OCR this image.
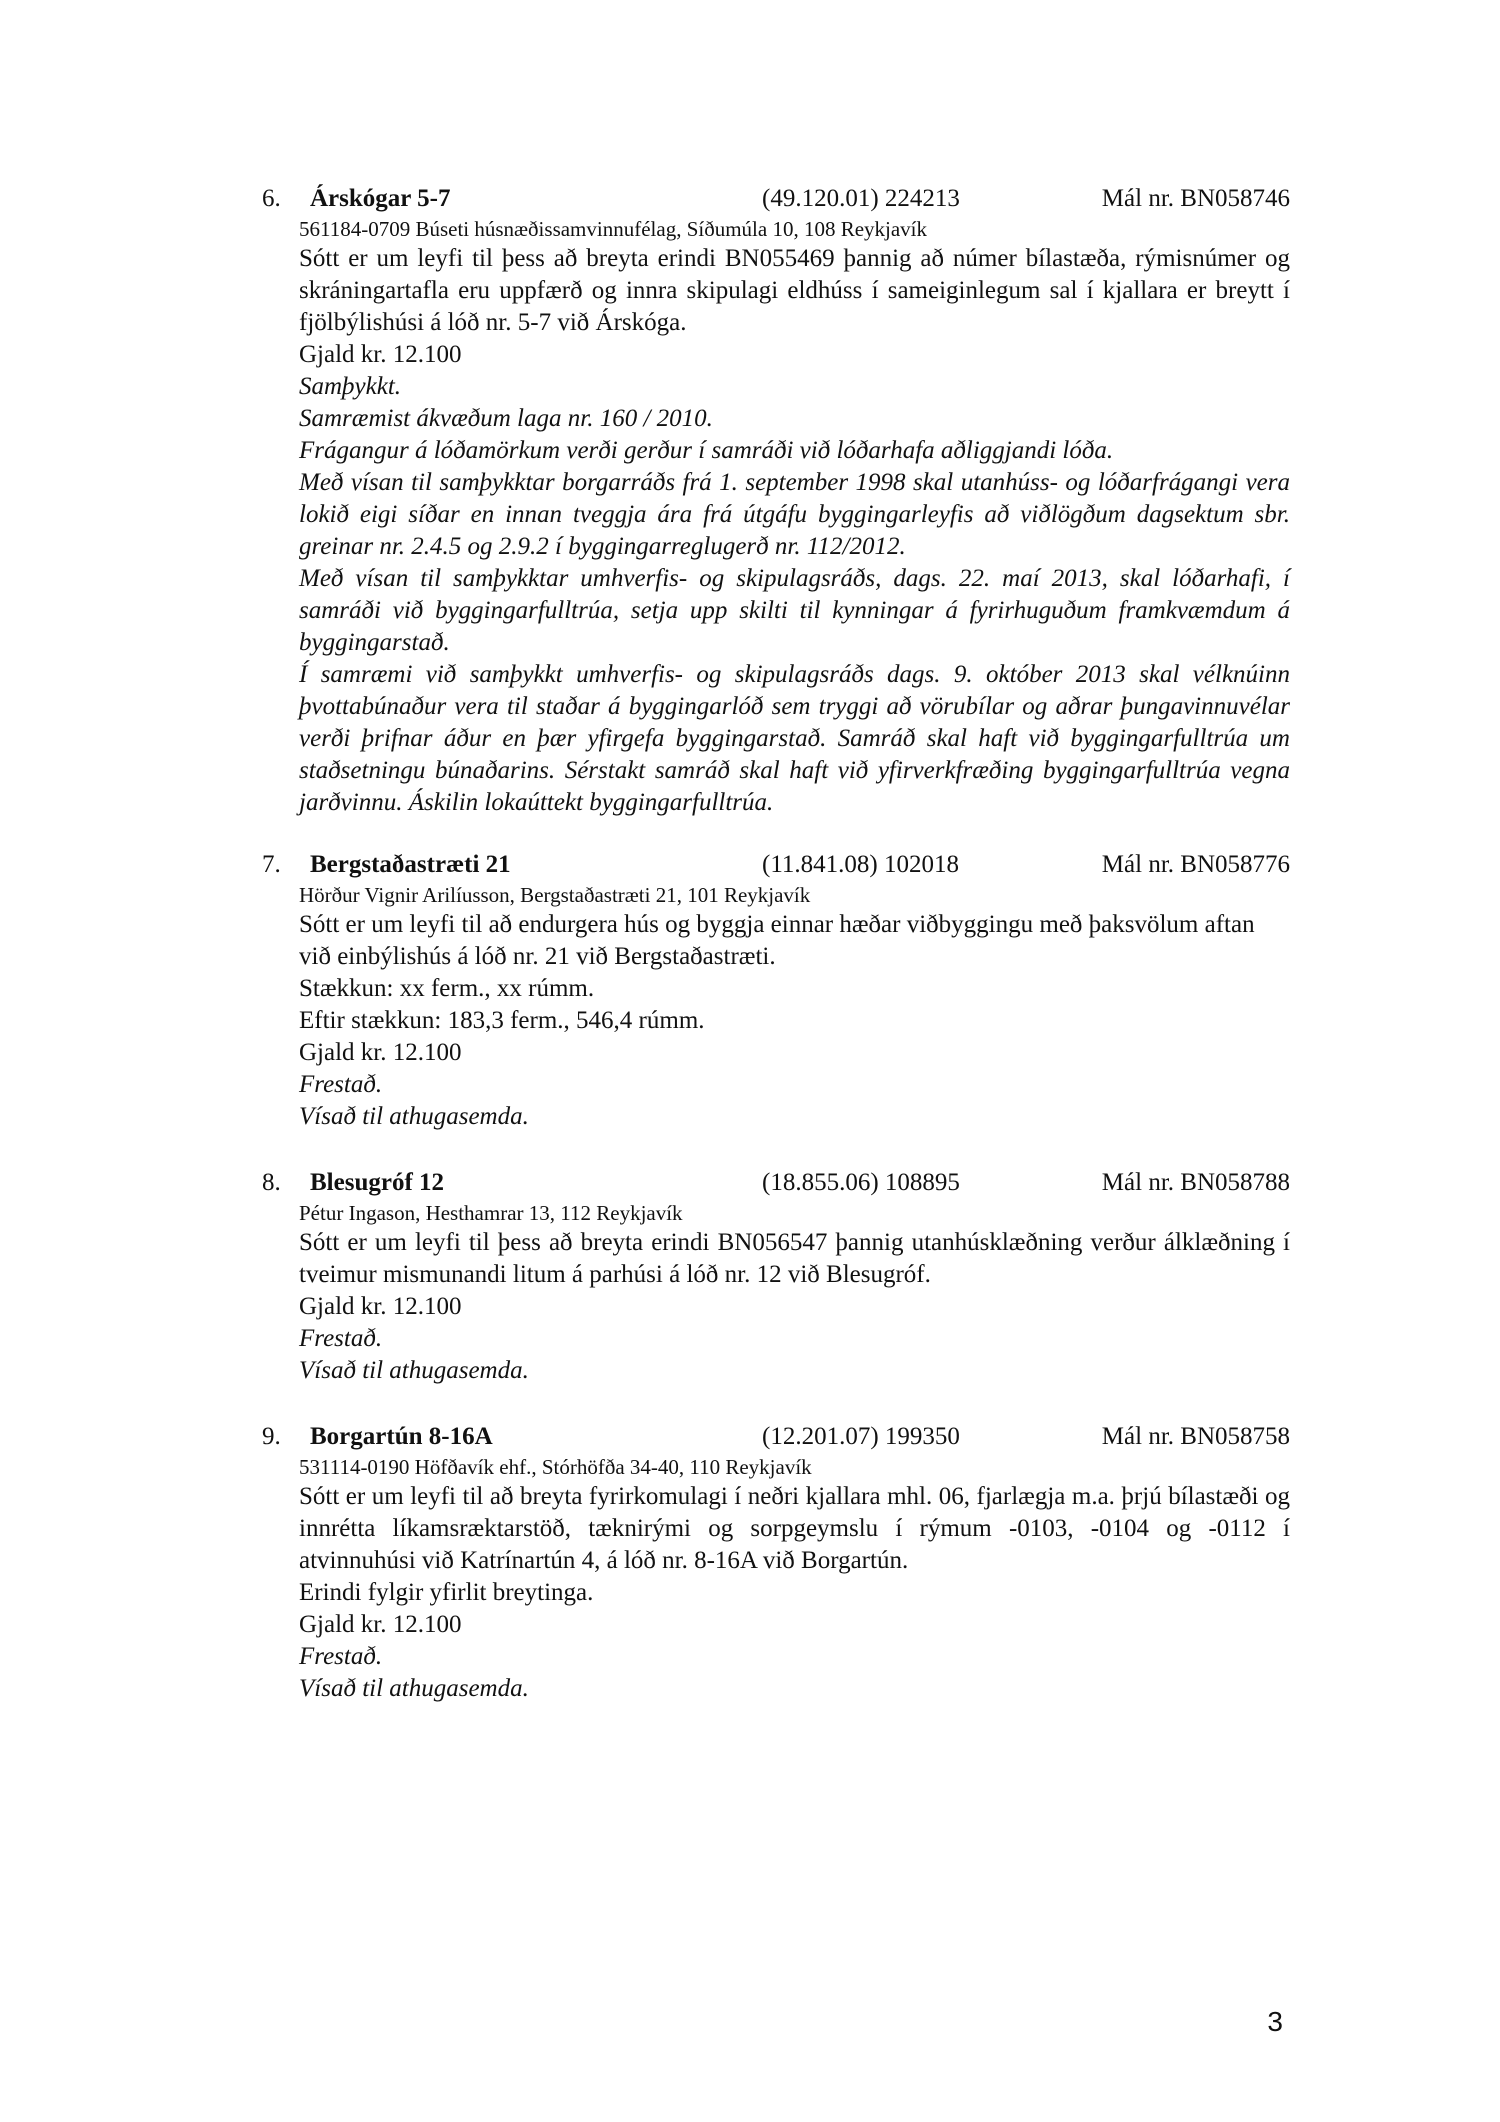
6. Árskógar 5-7	(49.120.01) 224213	Mál nr. BN058746
561184-0709 Búseti húsnæðissamvinnufélag, Síðumúla 10, 108 Reykjavík

Sótt er um leyfi til þess að breyta erindi BN055469 þannig að númer bílastæða, rýmisnúmer og skráningartafla eru uppfærð og innra skipulagi eldhúss í sameiginlegum sal í kjallara er breytt í fjölbýlishúsi á lóð nr. 5-7 við Árskóga.

Gjald kr. 12.100

Samþykkt.

Samræmist ákvæðum laga nr. 160 / 2010.

Frágangur á lóðamörkum verði gerður í samráði við lóðarhafa aðliggjandi lóða.

Með vísan til samþykktar borgarráðs frá 1. september 1998 skal utanhúss- og lóðarfrágangi vera lokið eigi síðar en innan tveggja ára frá útgáfu byggingarleyfis að viðlögðum dagsektum sbr. greinar nr. 2.4.5 og 2.9.2 í byggingarreglugerð nr. 112/2012.

Með vísan til samþykktar umhverfis- og skipulagsráðs, dags. 22. maí 2013, skal lóðarhafi, í samráði við byggingarfulltrúa, setja upp skilti til kynningar á fyrirhuguðum framkvæmdum á byggingarstað.

Í samræmi við samþykkt umhverfis- og skipulagsráðs dags. 9. október 2013 skal vélknúinn þvottabúnaður vera til staðar á byggingarlóð sem tryggi að vörubílar og aðrar þungavinnuvélar verði þrifnar áður en þær yfirgefa byggingarstað. Samráð skal haft við byggingarfulltrúa um staðsetningu búnaðarins. Sérstakt samráð skal haft við yfirverkfræðing byggingarfulltrúa vegna jarðvinnu. Áskilin lokaúttekt byggingarfulltrúa.

7. Bergstaðastræti 21	(11.841.08) 102018	Mál nr. BN058776
Hörður Vignir Arilíusson, Bergstaðastræti 21, 101 Reykjavík

Sótt er um leyfi til að endurgera hús og byggja einnar hæðar viðbyggingu með þaksvölum aftan við einbýlishús á lóð nr. 21 við Bergstaðastræti.

Stækkun: xx ferm., xx rúmm.

Eftir stækkun: 183,3 ferm., 546,4 rúmm.

Gjald kr. 12.100

Frestað.

Vísað til athugasemda.

8. Blesugróf 12	(18.855.06) 108895	Mál nr. BN058788
Pétur Ingason, Hesthamrar 13, 112 Reykjavík

Sótt er um leyfi til þess að breyta erindi BN056547 þannig utanhúsklæðning verður álklæðning í tveimur mismunandi litum á parhúsi á lóð nr. 12 við Blesugróf.

Gjald kr. 12.100

Frestað.

Vísað til athugasemda.

9. Borgartún 8-16A	(12.201.07) 199350	Mál nr. BN058758
531114-0190 Höfðavík ehf., Stórhöfða 34-40, 110 Reykjavík

Sótt er um leyfi til að breyta fyrirkomulagi í neðri kjallara mhl. 06, fjarlægja m.a. þrjú bílastæði og innrétta líkamsræktarstöð, tæknirými og sorpgeymslu í rýmum -0103, -0104 og -0112 í atvinnuhúsi við Katrínartún 4, á lóð nr. 8-16A við Borgartún.

Erindi fylgir yfirlit breytinga.

Gjald kr. 12.100

Frestað.

Vísað til athugasemda.

3
